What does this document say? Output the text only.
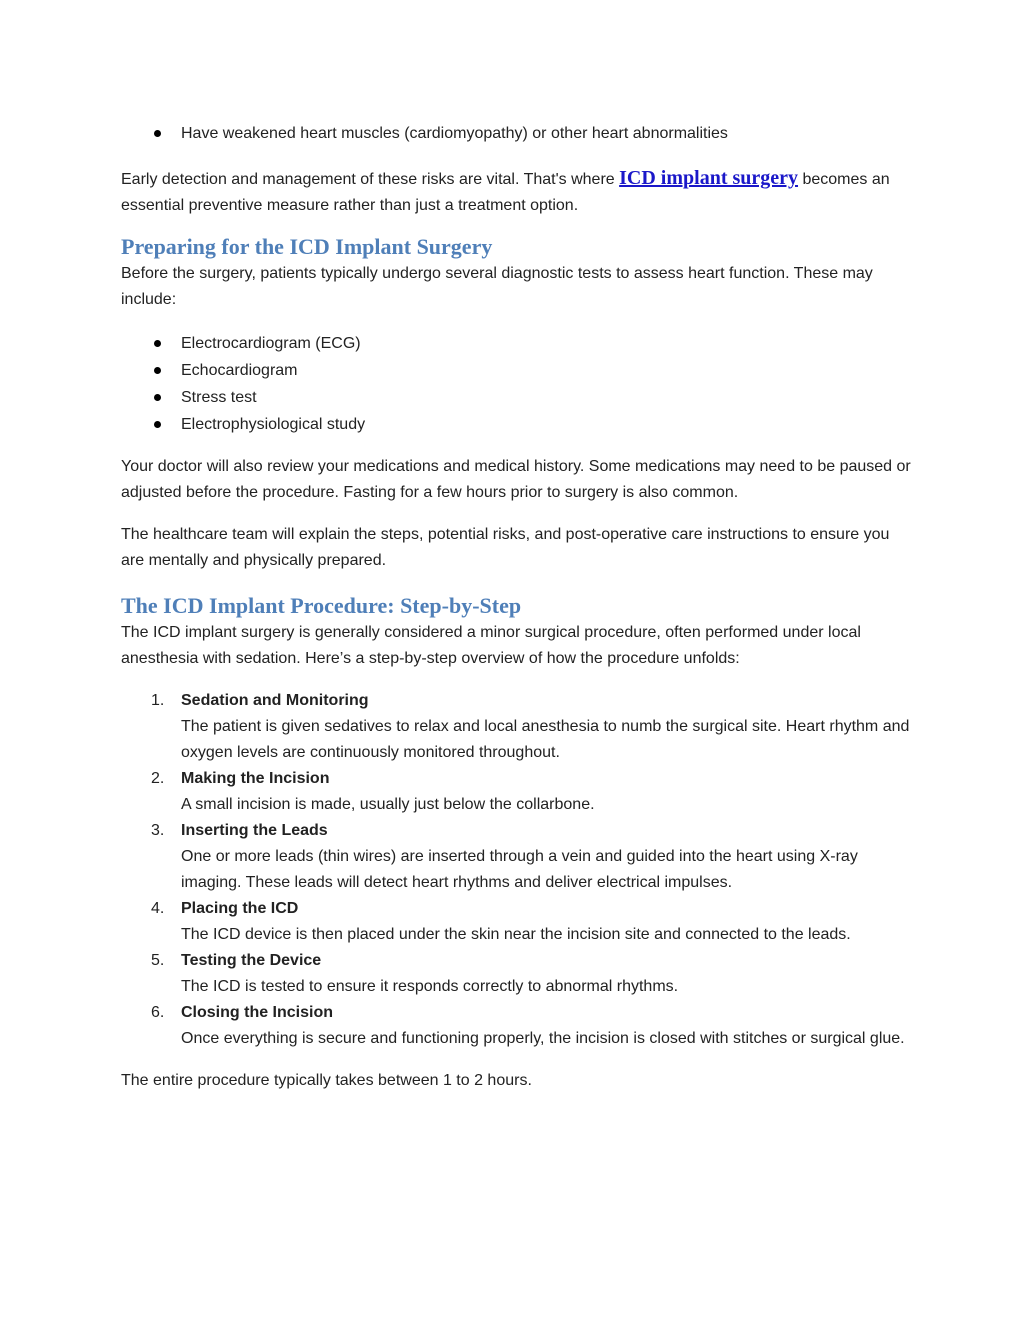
Have weakened heart muscles (cardiomyopathy) or other heart abnormalities

Early detection and management of these risks are vital. That's where ICD implant surgery becomes an essential preventive measure rather than just a treatment option.

Preparing for the ICD Implant Surgery

Before the surgery, patients typically undergo several diagnostic tests to assess heart function. These may include:

Electrocardiogram (ECG)
Echocardiogram
Stress test
Electrophysiological study

Your doctor will also review your medications and medical history. Some medications may need to be paused or adjusted before the procedure. Fasting for a few hours prior to surgery is also common.

The healthcare team will explain the steps, potential risks, and post-operative care instructions to ensure you are mentally and physically prepared.

The ICD Implant Procedure: Step-by-Step

The ICD implant surgery is generally considered a minor surgical procedure, often performed under local anesthesia with sedation. Here’s a step-by-step overview of how the procedure unfolds:

1. Sedation and Monitoring
The patient is given sedatives to relax and local anesthesia to numb the surgical site. Heart rhythm and oxygen levels are continuously monitored throughout.
2. Making the Incision
A small incision is made, usually just below the collarbone.
3. Inserting the Leads
One or more leads (thin wires) are inserted through a vein and guided into the heart using X-ray imaging. These leads will detect heart rhythms and deliver electrical impulses.
4. Placing the ICD
The ICD device is then placed under the skin near the incision site and connected to the leads.
5. Testing the Device
The ICD is tested to ensure it responds correctly to abnormal rhythms.
6. Closing the Incision
Once everything is secure and functioning properly, the incision is closed with stitches or surgical glue.

The entire procedure typically takes between 1 to 2 hours.
